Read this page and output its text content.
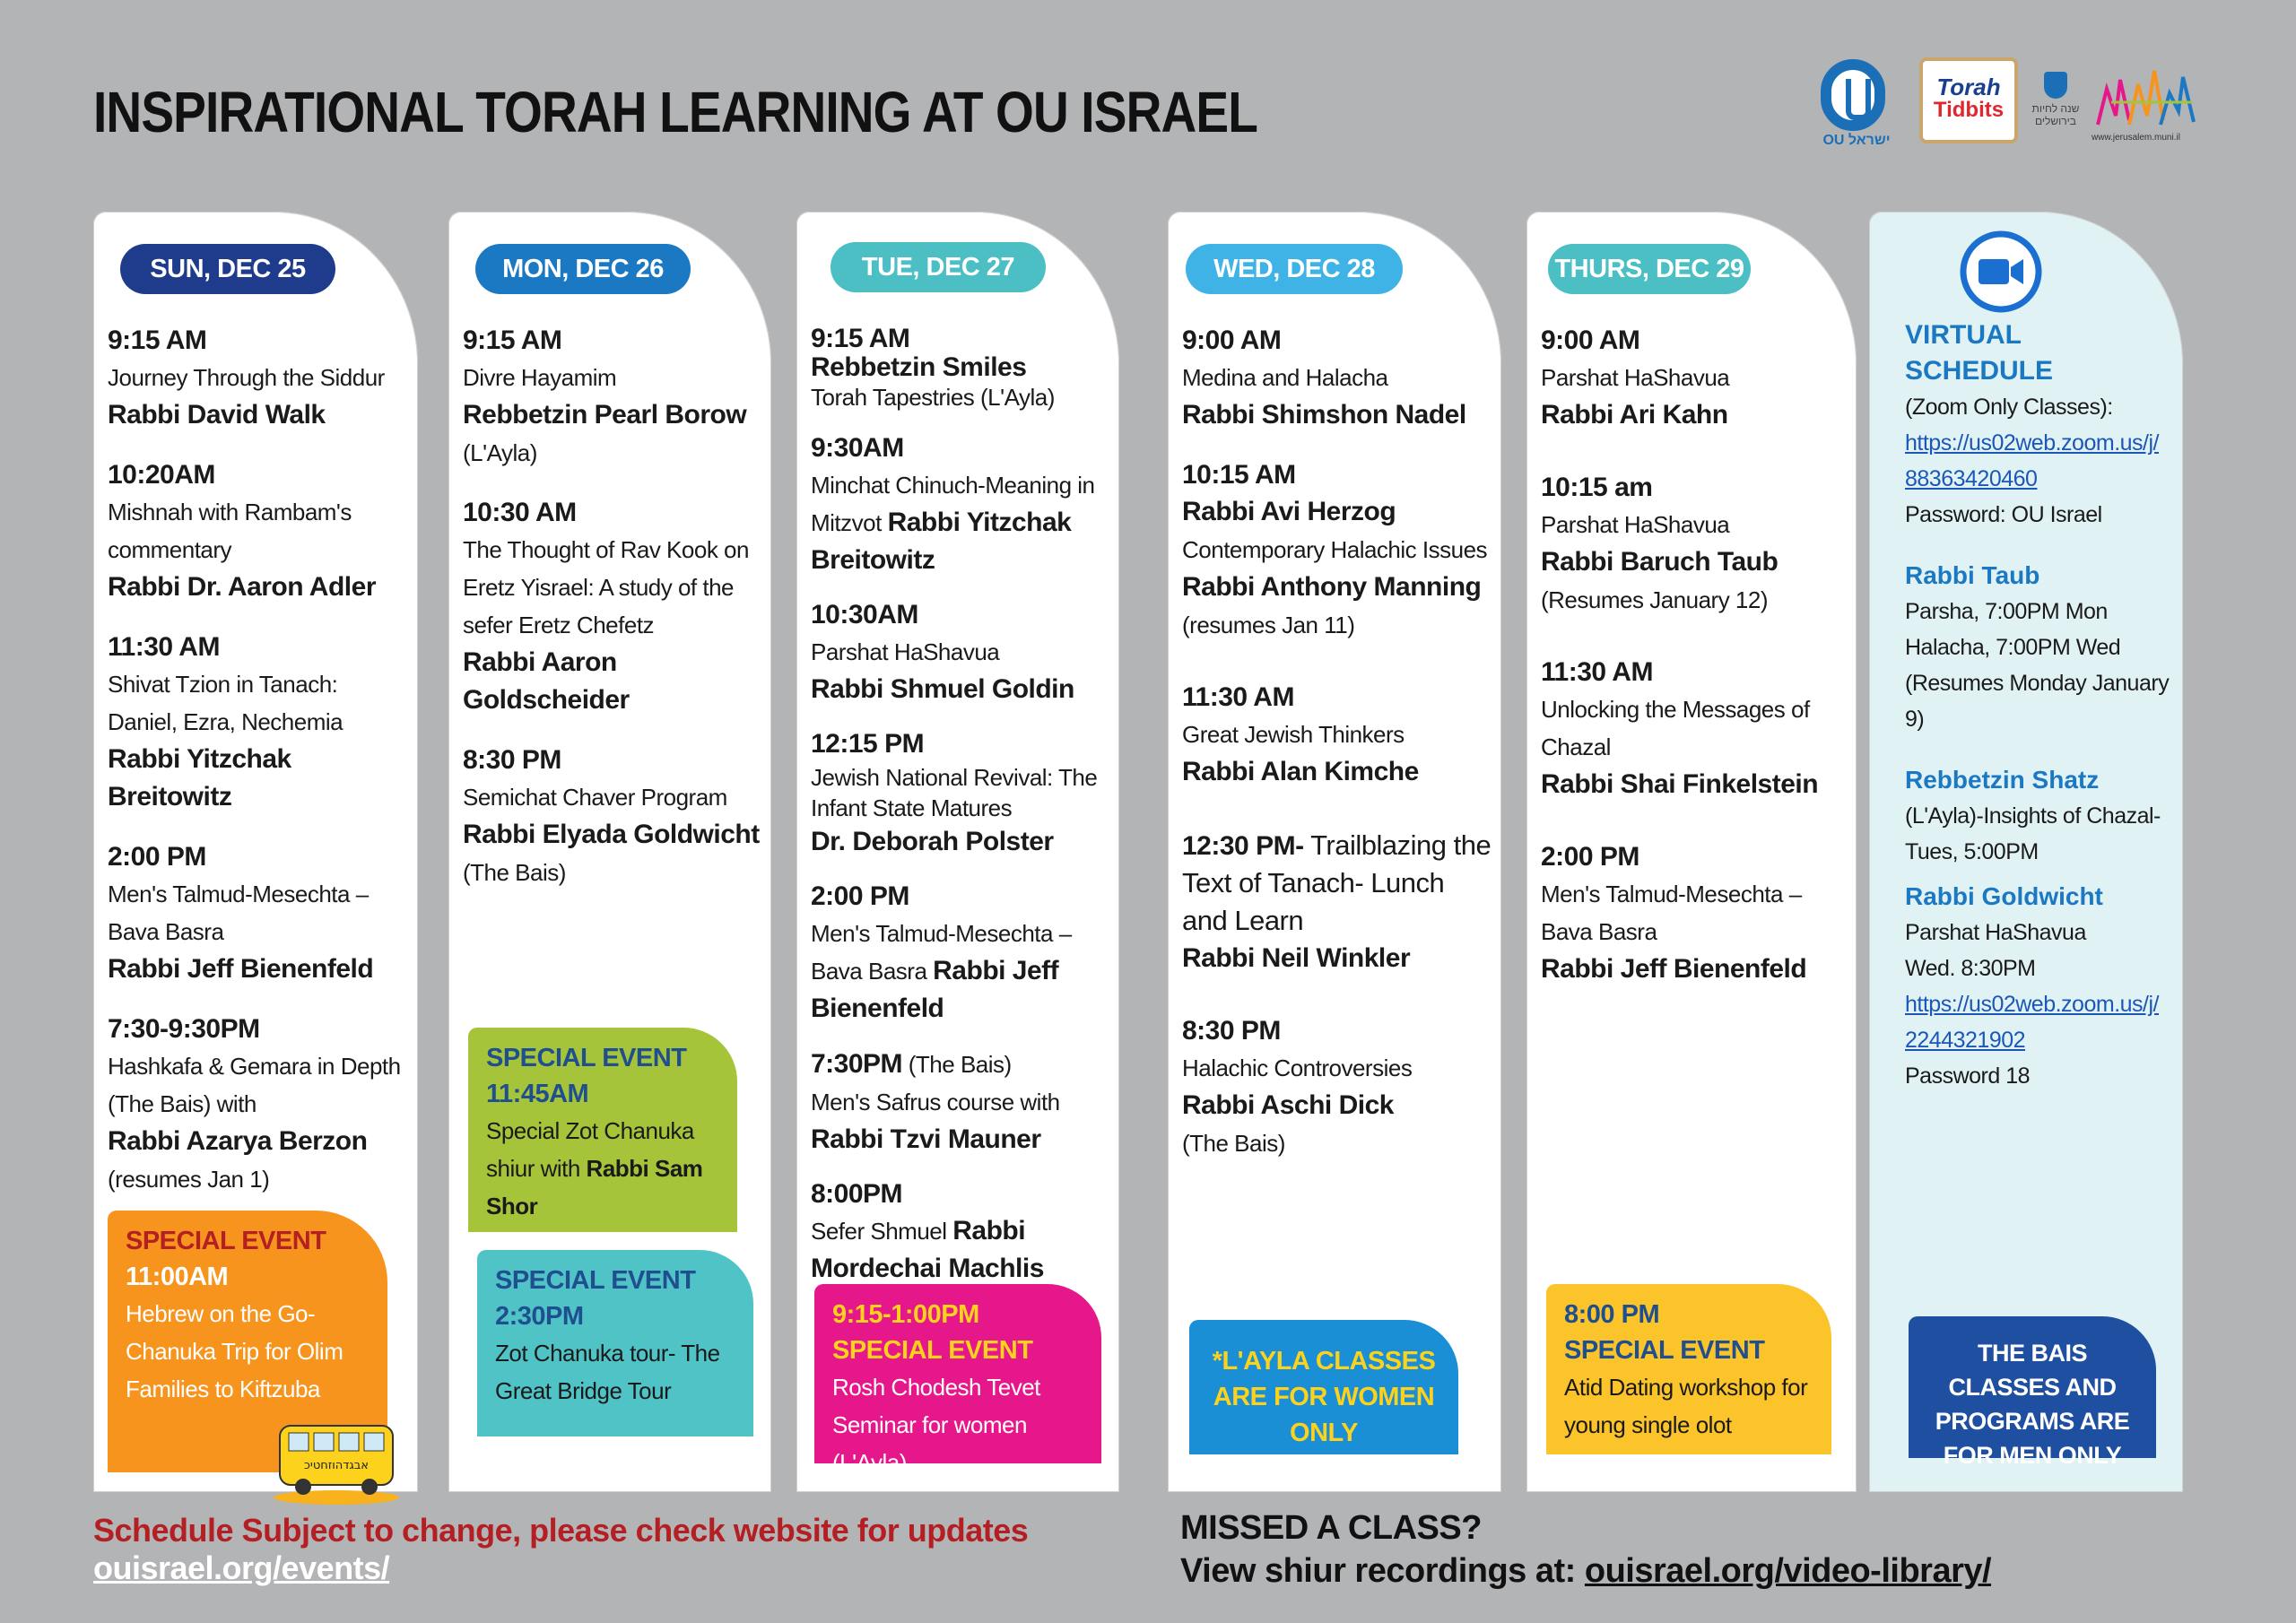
INSPIRATIONAL TORAH LEARNING AT OU ISRAEL	OU ישראל
Torah
Tidbits	שנה לחיות
בירושלים
www.jerusalem.muni.il
SUN, DEC 25
9:15 AM
Journey Through the Siddur
Rabbi David Walk
10:20AM
Mishnah with Rambam's commentary
Rabbi Dr. Aaron Adler
11:30 AM
Shivat Tzion in Tanach: Daniel, Ezra, Nechemia
Rabbi Yitzchak Breitowitz
2:00 PM
Men's Talmud-Mesechta – Bava Basra
Rabbi Jeff Bienenfeld
7:30-9:30PM
Hashkafa & Gemara in Depth (The Bais) with
Rabbi Azarya Berzon
(resumes Jan 1)
SPECIAL EVENT
11:00AM
Hebrew on the Go- Chanuka Trip for Olim Families to Kiftzuba
אבגדהוזחטיכ
MON, DEC 26
9:15 AM
Divre Hayamim
Rebbetzin Pearl Borow (L'Ayla)
10:30 AM
The Thought of Rav Kook on Eretz Yisrael: A study of the sefer Eretz Chefetz
Rabbi Aaron Goldscheider
8:30 PM
Semichat Chaver Program Rabbi Elyada Goldwicht (The Bais)
SPECIAL EVENT
11:45AM
Special Zot Chanuka shiur with Rabbi Sam Shor
SPECIAL EVENT
2:30PM
Zot Chanuka tour- The Great Bridge Tour
TUE, DEC 27
9:15 AM
Rebbetzin Smiles
Torah Tapestries (L'Ayla)
9:30AM
Minchat Chinuch-Meaning in Mitzvot Rabbi Yitzchak Breitowitz
10:30AM
Parshat HaShavua
Rabbi Shmuel Goldin
12:15 PM
Jewish National Revival: The Infant State Matures
Dr. Deborah Polster
2:00 PM
Men's Talmud-Mesechta – Bava Basra Rabbi Jeff Bienenfeld
7:30PM (The Bais)
Men's Safrus course with
Rabbi Tzvi Mauner
8:00PM
Sefer Shmuel Rabbi Mordechai Machlis
9:15-1:00PM
SPECIAL EVENT
Rosh Chodesh Tevet Seminar for women (L'Ayla)
WED, DEC 28
9:00 AM
Medina and Halacha
Rabbi Shimshon Nadel
10:15 AM
Rabbi Avi Herzog
Contemporary Halachic Issues Rabbi Anthony Manning (resumes Jan 11)
11:30 AM
Great Jewish Thinkers
Rabbi Alan Kimche
12:30 PM- Trailblazing the Text of Tanach- Lunch and Learn
Rabbi Neil Winkler
8:30 PM
Halachic Controversies
Rabbi Aschi Dick
(The Bais)
*L'AYLA CLASSES
ARE FOR WOMEN ONLY
THURS, DEC 29
9:00 AM
Parshat HaShavua
Rabbi Ari Kahn
10:15 am
Parshat HaShavua
Rabbi Baruch Taub
(Resumes January 12)
11:30 AM
Unlocking the Messages of Chazal
Rabbi Shai Finkelstein
2:00 PM
Men's Talmud-Mesechta – Bava Basra
Rabbi Jeff Bienenfeld
8:00 PM
SPECIAL EVENT
Atid Dating workshop for young single olot
VIRTUAL SCHEDULE
(Zoom Only Classes):
https://us02web.zoom.us/j/88363420460
Password: OU Israel
Rabbi Taub
Parsha, 7:00PM Mon
Halacha, 7:00PM Wed
(Resumes Monday January 9)
Rebbetzin Shatz
(L'Ayla)-Insights of Chazal- Tues, 5:00PM
Rabbi Goldwicht
Parshat HaShavua
Wed. 8:30PM
https://us02web.zoom.us/j/2244321902
Password 18
THE BAIS CLASSES AND PROGRAMS ARE FOR MEN ONLY
Schedule Subject to change, please check website for updates
ouisrael.org/events/
MISSED A CLASS?
View shiur recordings at: ouisrael.org/video-library/
